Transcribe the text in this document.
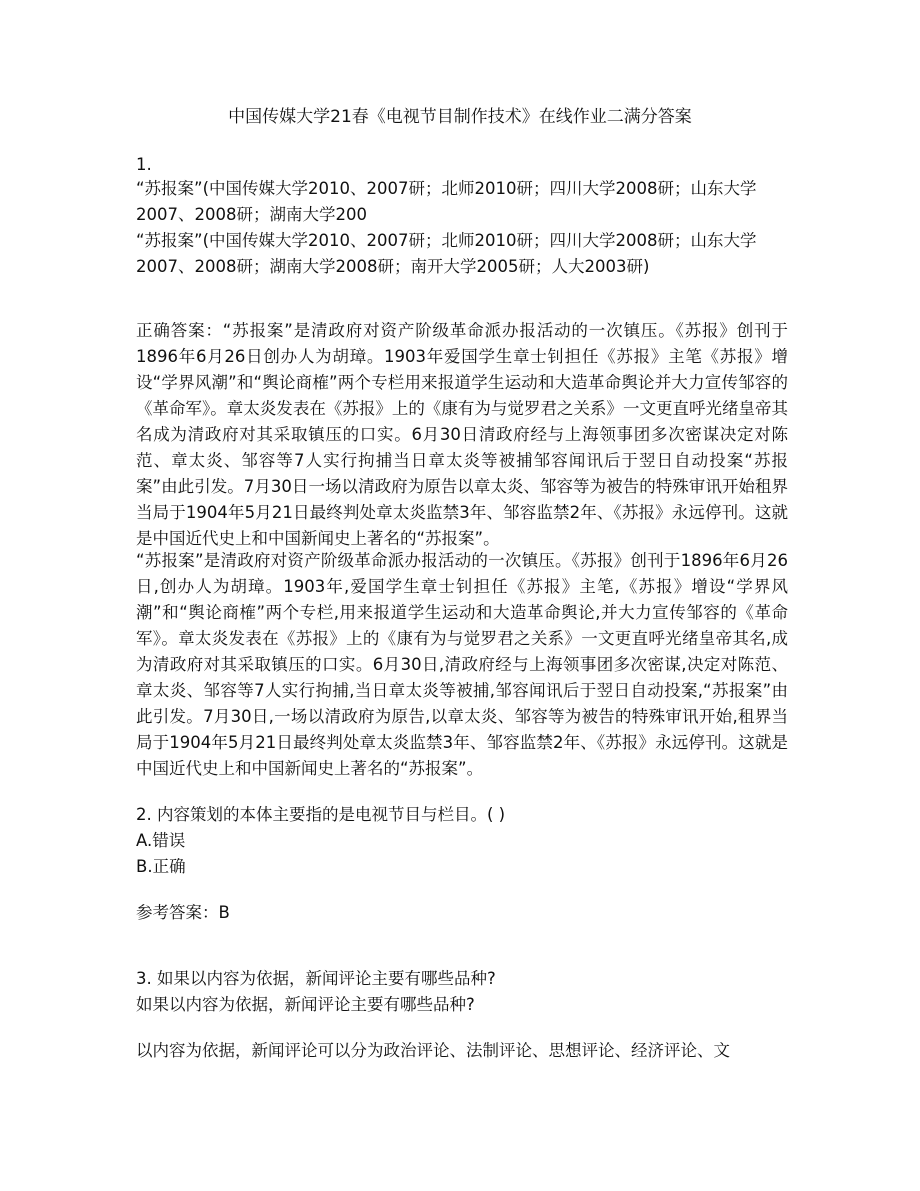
中国传媒大学21春《电视节目制作技术》在线作业二满分答案

1.

“苏报案”(中国传媒大学2010、2007研；北师2010研；四川大学2008研；山东大学2007、2008研；湖南大学200

“苏报案”(中国传媒大学2010、2007研；北师2010研；四川大学2008研；山东大学2007、2008研；湖南大学2008研；南开大学2005研；人大2003研)

正确答案：“苏报案”是清政府对资产阶级革命派办报活动的一次镇压。《苏报》创刊于1896年6月26日创办人为胡璋。1903年爱国学生章士钊担任《苏报》主笔《苏报》增设“学界风潮”和“舆论商榷”两个专栏用来报道学生运动和大造革命舆论并大力宣传邹容的《革命军》。章太炎发表在《苏报》上的《康有为与觉罗君之关系》一文更直呼光绪皇帝其名成为清政府对其采取镇压的口实。6月30日清政府经与上海领事团多次密谋决定对陈范、章太炎、邹容等7人实行拘捕当日章太炎等被捕邹容闻讯后于翌日自动投案“苏报案”由此引发。7月30日一场以清政府为原告以章太炎、邹容等为被告的特殊审讯开始租界当局于1904年5月21日最终判处章太炎监禁3年、邹容监禁2年、《苏报》永远停刊。这就是中国近代史上和中国新闻史上著名的“苏报案”。

“苏报案”是清政府对资产阶级革命派办报活动的一次镇压。《苏报》创刊于1896年6月26日,创办人为胡璋。1903年,爱国学生章士钊担任《苏报》主笔,《苏报》增设“学界风潮”和“舆论商榷”两个专栏,用来报道学生运动和大造革命舆论,并大力宣传邹容的《革命军》。章太炎发表在《苏报》上的《康有为与觉罗君之关系》一文更直呼光绪皇帝其名,成为清政府对其采取镇压的口实。6月30日,清政府经与上海领事团多次密谋,决定对陈范、章太炎、邹容等7人实行拘捕,当日章太炎等被捕,邹容闻讯后于翌日自动投案,“苏报案”由此引发。7月30日,一场以清政府为原告,以章太炎、邹容等为被告的特殊审讯开始,租界当局于1904年5月21日最终判处章太炎监禁3年、邹容监禁2年、《苏报》永远停刊。这就是中国近代史上和中国新闻史上著名的“苏报案”。

2. 内容策划的本体主要指的是电视节目与栏目。( )

A.错误

B.正确

参考答案：B

3. 如果以内容为依据，新闻评论主要有哪些品种?

如果以内容为依据，新闻评论主要有哪些品种?

以内容为依据，新闻评论可以分为政治评论、法制评论、思想评论、经济评论、文
